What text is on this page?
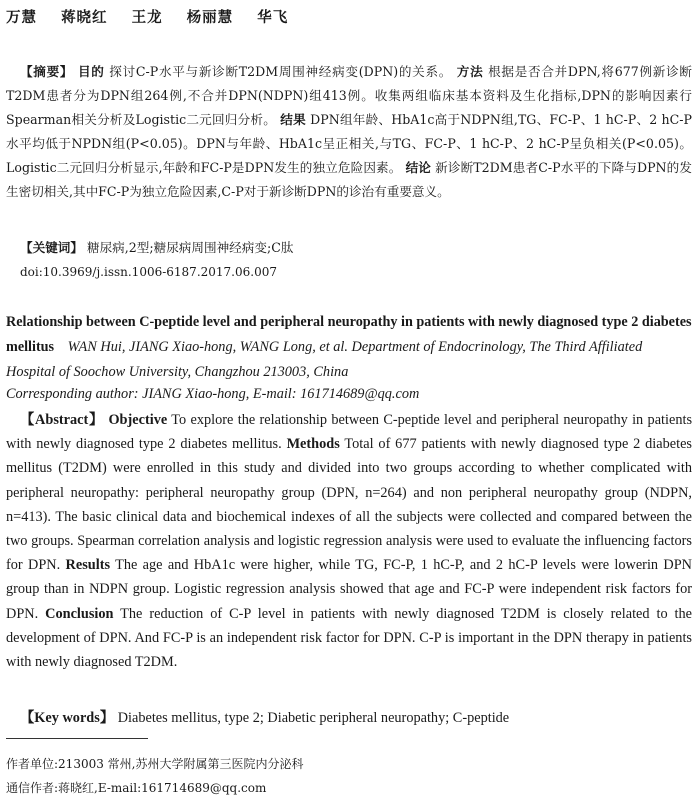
万慧 蒋晓红 王龙 杨丽慧 华飞
【摘要】 目的 探讨C-P水平与新诊断T2DM周围神经病变(DPN)的关系。 方法 根据是否合并DPN,将677例新诊断T2DM患者分为DPN组264例,不合并DPN(NDPN)组413例。收集两组临床基本资料及生化指标,DPN的影响因素行Spearman相关分析及Logistic二元回归分析。 结果 DPN组年龄、HbA1c高于NDPN组,TG、FC-P、1 hC-P、2 hC-P水平均低于NPDN组(P<0.05)。DPN与年龄、HbA1c呈正相关,与TG、FC-P、1 hC-P、2 hC-P呈负相关(P<0.05)。Logistic二元回归分析显示,年龄和FC-P是DPN发生的独立危险因素。 结论 新诊断T2DM患者C-P水平的下降与DPN的发生密切相关,其中FC-P为独立危险因素,C-P对于新诊断DPN的诊治有重要意义。
【关键词】 糖尿病,2型;糖尿病周围神经病变;C肽
doi:10.3969/j.issn.1006-6187.2017.06.007
Relationship between C-peptide level and peripheral neuropathy in patients with newly diagnosed type 2 diabetes mellitus WAN Hui, JIANG Xiao-hong, WANG Long, et al. Department of Endocrinology, The Third Affiliated Hospital of Soochow University, Changzhou 213003, China
Corresponding author: JIANG Xiao-hong, E-mail: 161714689@qq.com
【Abstract】 Objective To explore the relationship between C-peptide level and peripheral neuropathy in patients with newly diagnosed type 2 diabetes mellitus. Methods Total of 677 patients with newly diagnosed type 2 diabetes mellitus (T2DM) were enrolled in this study and divided into two groups according to whether complicated with peripheral neuropathy: peripheral neuropathy group (DPN, n=264) and non peripheral neuropathy group (NDPN, n=413). The basic clinical data and biochemical indexes of all the subjects were collected and compared between the two groups. Spearman correlation analysis and logistic regression analysis were used to evaluate the influencing factors for DPN. Results The age and HbA1c were higher, while TG, FC-P, 1 hC-P, and 2 hC-P levels were lowerin DPN group than in NDPN group. Logistic regression analysis showed that age and FC-P were independent risk factors for DPN. Conclusion The reduction of C-P level in patients with newly diagnosed T2DM is closely related to the development of DPN. And FC-P is an independent risk factor for DPN. C-P is important in the DPN therapy in patients with newly diagnosed T2DM.
【Key words】 Diabetes mellitus, type 2; Diabetic peripheral neuropathy; C-peptide
作者单位:213003 常州,苏州大学附属第三医院内分泌科
通信作者:蒋晓红,E-mail:161714689@qq.com
